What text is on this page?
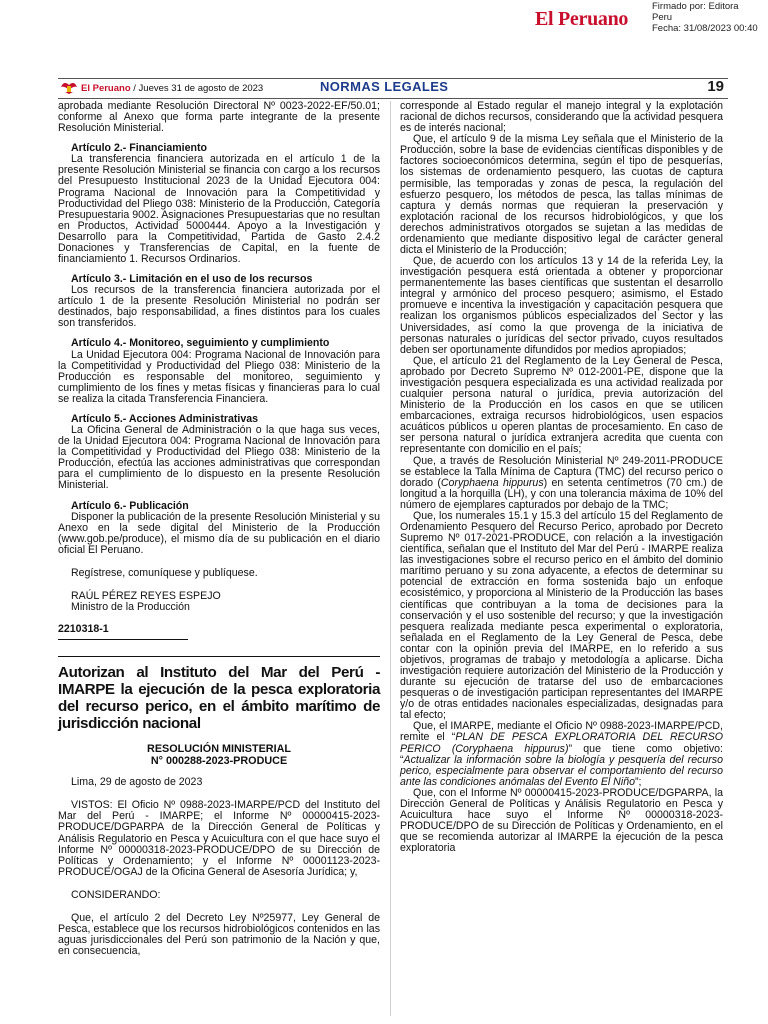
El Peruano
Firmado por: Editora
Peru
Fecha: 31/08/2023 00:40
El Peruano / Jueves 31 de agosto de 2023	NORMAS LEGALES	19

aprobada mediante Resolución Directoral Nº 0023-2022-EF/50.01; conforme al Anexo que forma parte integrante de la presente Resolución Ministerial.

Artículo 2.- Financiamiento

La transferencia financiera autorizada en el artículo 1 de la presente Resolución Ministerial se financia con cargo a los recursos del Presupuesto Institucional 2023 de la Unidad Ejecutora 004: Programa Nacional de Innovación para la Competitividad y Productividad del Pliego 038: Ministerio de la Producción, Categoría Presupuestaria 9002. Asignaciones Presupuestarias que no resultan en Productos, Actividad 5000444. Apoyo a la Investigación y Desarrollo para la Competitividad, Partida de Gasto 2.4.2 Donaciones y Transferencias de Capital, en la fuente de financiamiento 1. Recursos Ordinarios.

Artículo 3.- Limitación en el uso de los recursos

Los recursos de la transferencia financiera autorizada por el artículo 1 de la presente Resolución Ministerial no podrán ser destinados, bajo responsabilidad, a fines distintos para los cuales son transferidos.

Artículo 4.- Monitoreo, seguimiento y cumplimiento

La Unidad Ejecutora 004: Programa Nacional de Innovación para la Competitividad y Productividad del Pliego 038: Ministerio de la Producción es responsable del monitoreo, seguimiento y cumplimiento de los fines y metas físicas y financieras para lo cual se realiza la citada Transferencia Financiera.

Artículo 5.- Acciones Administrativas

La Oficina General de Administración o la que haga sus veces, de la Unidad Ejecutora 004: Programa Nacional de Innovación para la Competitividad y Productividad del Pliego 038: Ministerio de la Producción, efectúa las acciones administrativas que correspondan para el cumplimiento de lo dispuesto en la presente Resolución Ministerial.

Artículo 6.- Publicación

Disponer la publicación de la presente Resolución Ministerial y su Anexo en la sede digital del Ministerio de la Producción (www.gob.pe/produce), el mismo día de su publicación en el diario oficial El Peruano.

Regístrese, comuníquese y publíquese.

RAÚL PÉREZ REYES ESPEJO

Ministro de la Producción

2210318-1

Autorizan al Instituto del Mar del Perú - IMARPE la ejecución de la pesca exploratoria del recurso perico, en el ámbito marítimo de jurisdicción nacional
RESOLUCIÓN MINISTERIAL
N° 000288-2023-PRODUCE

Lima, 29 de agosto de 2023

VISTOS: El Oficio Nº 0988-2023-IMARPE/PCD del Instituto del Mar del Perú - IMARPE; el Informe Nº 00000415-2023-PRODUCE/DGPARPA de la Dirección General de Políticas y Análisis Regulatorio en Pesca y Acuicultura con el que hace suyo el Informe Nº 00000318-2023-PRODUCE/DPO de su Dirección de Políticas y Ordenamiento; y el Informe Nº 00001123-2023-PRODUCE/OGAJ de la Oficina General de Asesoría Jurídica; y,

CONSIDERANDO:

Que, el artículo 2 del Decreto Ley Nº25977, Ley General de Pesca, establece que los recursos hidrobiológicos contenidos en las aguas jurisdiccionales del Perú son patrimonio de la Nación y que, en consecuencia,

corresponde al Estado regular el manejo integral y la explotación racional de dichos recursos, considerando que la actividad pesquera es de interés nacional;

Que, el artículo 9 de la misma Ley señala que el Ministerio de la Producción, sobre la base de evidencias científicas disponibles y de factores socioeconómicos determina, según el tipo de pesquerías, los sistemas de ordenamiento pesquero, las cuotas de captura permisible, las temporadas y zonas de pesca, la regulación del esfuerzo pesquero, los métodos de pesca, las tallas mínimas de captura y demás normas que requieran la preservación y explotación racional de los recursos hidrobiológicos, y que los derechos administrativos otorgados se sujetan a las medidas de ordenamiento que mediante dispositivo legal de carácter general dicta el Ministerio de la Producción;

Que, de acuerdo con los artículos 13 y 14 de la referida Ley, la investigación pesquera está orientada a obtener y proporcionar permanentemente las bases científicas que sustentan el desarrollo integral y armónico del proceso pesquero; asimismo, el Estado promueve e incentiva la investigación y capacitación pesquera que realizan los organismos públicos especializados del Sector y las Universidades, así como la que provenga de la iniciativa de personas naturales o jurídicas del sector privado, cuyos resultados deben ser oportunamente difundidos por medios apropiados;

Que, el artículo 21 del Reglamento de la Ley General de Pesca, aprobado por Decreto Supremo Nº 012-2001-PE, dispone que la investigación pesquera especializada es una actividad realizada por cualquier persona natural o jurídica, previa autorización del Ministerio de la Producción en los casos en que se utilicen embarcaciones, extraiga recursos hidrobiológicos, usen espacios acuáticos públicos u operen plantas de procesamiento. En caso de ser persona natural o jurídica extranjera acredita que cuenta con representante con domicilio en el país;

Que, a través de Resolución Ministerial Nº 249-2011-PRODUCE se establece la Talla Mínima de Captura (TMC) del recurso perico o dorado (Coryphaena hippurus) en setenta centímetros (70 cm.) de longitud a la horquilla (LH), y con una tolerancia máxima de 10% del número de ejemplares capturados por debajo de la TMC;

Que, los numerales 15.1 y 15.3 del artículo 15 del Reglamento de Ordenamiento Pesquero del Recurso Perico, aprobado por Decreto Supremo Nº 017-2021-PRODUCE, con relación a la investigación científica, señalan que el Instituto del Mar del Perú - IMARPE realiza las investigaciones sobre el recurso perico en el ámbito del dominio marítimo peruano y su zona adyacente, a efectos de determinar su potencial de extracción en forma sostenida bajo un enfoque ecosistémico, y proporciona al Ministerio de la Producción las bases científicas que contribuyan a la toma de decisiones para la conservación y el uso sostenible del recurso; y que la investigación pesquera realizada mediante pesca experimental o exploratoria, señalada en el Reglamento de la Ley General de Pesca, debe contar con la opinión previa del IMARPE, en lo referido a sus objetivos, programas de trabajo y metodología a aplicarse. Dicha investigación requiere autorización del Ministerio de la Producción y durante su ejecución de tratarse del uso de embarcaciones pesqueras o de investigación participan representantes del IMARPE y/o de otras entidades nacionales especializadas, designadas para tal efecto;

Que, el IMARPE, mediante el Oficio Nº 0988-2023-IMARPE/PCD, remite el “PLAN DE PESCA EXPLORATORIA DEL RECURSO PERICO (Coryphaena hippurus)” que tiene como objetivo: “Actualizar la información sobre la biología y pesquería del recurso perico, especialmente para observar el comportamiento del recurso ante las condiciones anómalas del Evento El Niño”;

Que, con el Informe Nº 00000415-2023-PRODUCE/DGPARPA, la Dirección General de Políticas y Análisis Regulatorio en Pesca y Acuicultura hace suyo el Informe Nº 00000318-2023-PRODUCE/DPO de su Dirección de Políticas y Ordenamiento, en el que se recomienda autorizar al IMARPE la ejecución de la pesca exploratoria
